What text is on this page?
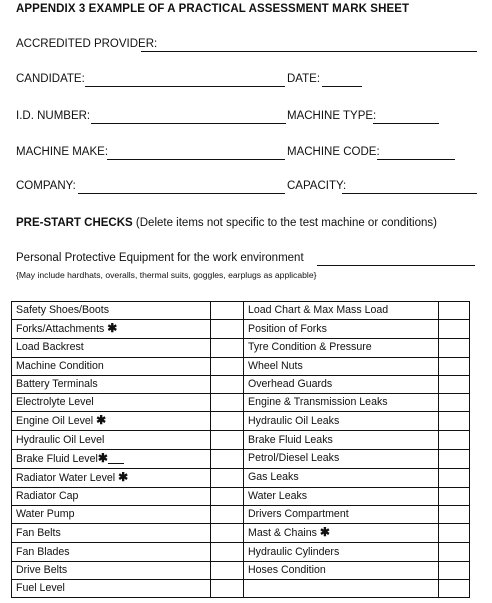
APPENDIX 3 EXAMPLE OF A PRACTICAL ASSESSMENT MARK SHEET
ACCREDITED PROVIDER:
CANDIDATE:	DATE:
I.D. NUMBER:	MACHINE TYPE:
MACHINE MAKE:	MACHINE CODE:
COMPANY:	CAPACITY:
PRE-START CHECKS (Delete items not specific to the test machine or conditions)
Personal Protective Equipment for the work environment
{May include hardhats, overalls, thermal suits, goggles, earplugs as applicable}
Safety Shoes/Boots		Load Chart & Max Mass Load	
Forks/Attachments ✱		Position of Forks	
Load Backrest		Tyre Condition & Pressure	
Machine Condition		Wheel Nuts	
Battery Terminals		Overhead Guards	
Electrolyte Level		Engine & Transmission Leaks	
Engine Oil Level ✱		Hydraulic Oil Leaks	
Hydraulic Oil Level		Brake Fluid Leaks	
Brake Fluid Level✱		Petrol/Diesel Leaks	
Radiator Water Level ✱		Gas Leaks	
Radiator Cap		Water Leaks	
Water Pump		Drivers Compartment	
Fan Belts		Mast & Chains ✱	
Fan Blades		Hydraulic Cylinders	
Drive Belts		Hoses Condition	
Fuel Level			
